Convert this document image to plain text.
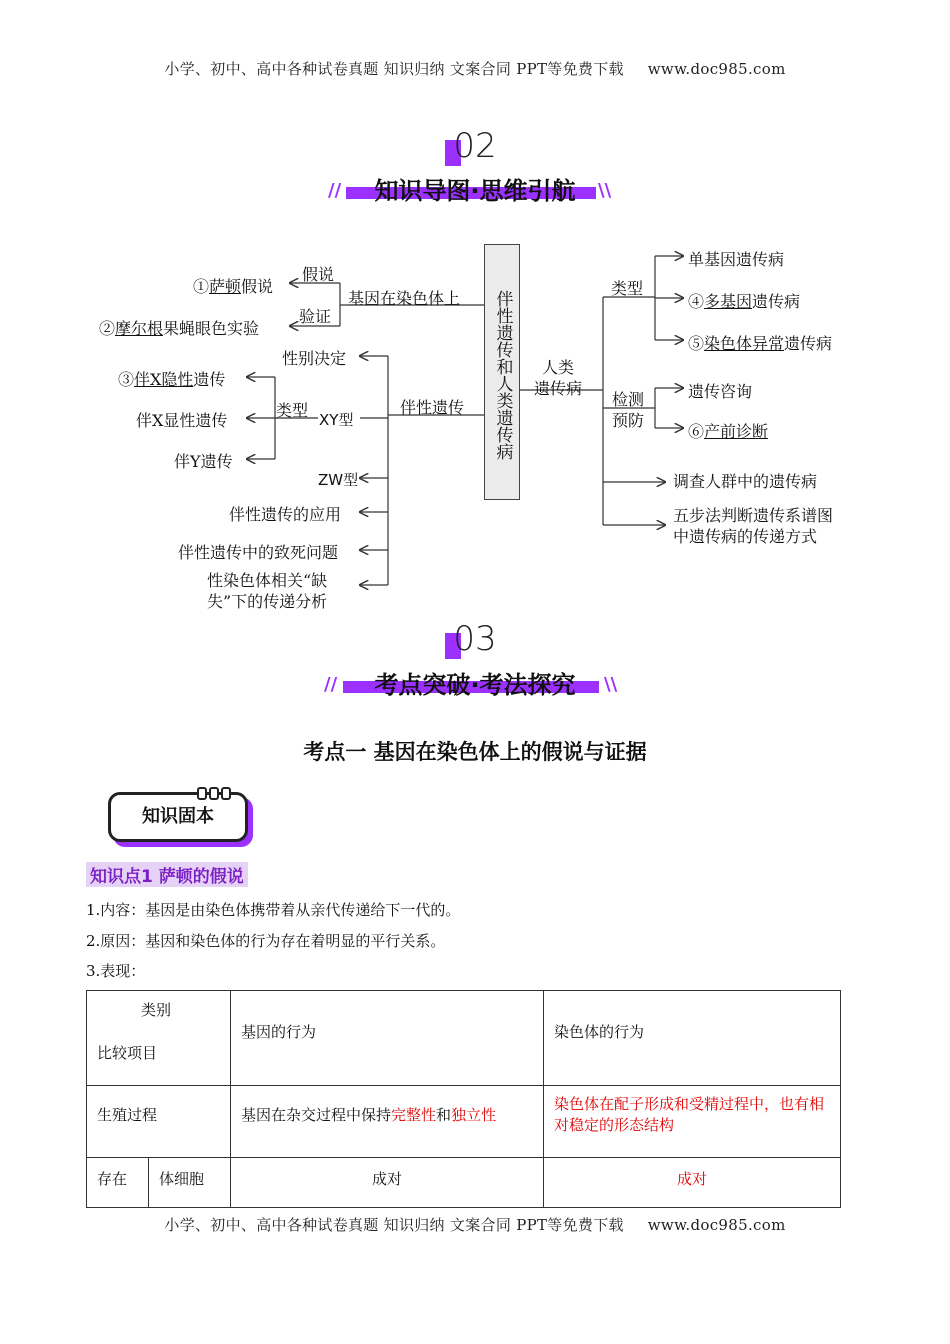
小学、初中、高中各种试卷真题 知识归纳 文案合同 PPT等免费下载 www.doc985.com
02
//	\\
知识导图·思维引航
伴性遗传和人类遗传病
基因在染色体上
假说
验证
①萨顿假说
②摩尔根果蝇眼色实验
伴性遗传
性别决定
XY型
类型
③伴X隐性遗传
伴X显性遗传
伴Y遗传
ZW型
伴性遗传的应用
伴性遗传中的致死问题
性染色体相关“缺
失”下的传递分析
人类
遗传病
类型
单基因遗传病
④多基因遗传病
⑤染色体异常遗传病
检测
预防
遗传咨询
⑥产前诊断
调查人群中的遗传病
五步法判断遗传系谱图
中遗传病的传递方式
03
//	\\
考点突破·考法探究
考点一 基因在染色体上的假说与证据
知识固本
知识点1 萨顿的假说
1.内容：基因是由染色体携带着从亲代传递给下一代的。
2.原因：基因和染色体的行为存在着明显的平行关系。
3.表现：
类别
比较项目		基因的行为	染色体的行为
生殖过程		基因在杂交过程中保持完整性和独立性	染色体在配子形成和受精过程中，也有相对稳定的形态结构
存在	体细胞	成对	成对
小学、初中、高中各种试卷真题 知识归纳 文案合同 PPT等免费下载 www.doc985.com
